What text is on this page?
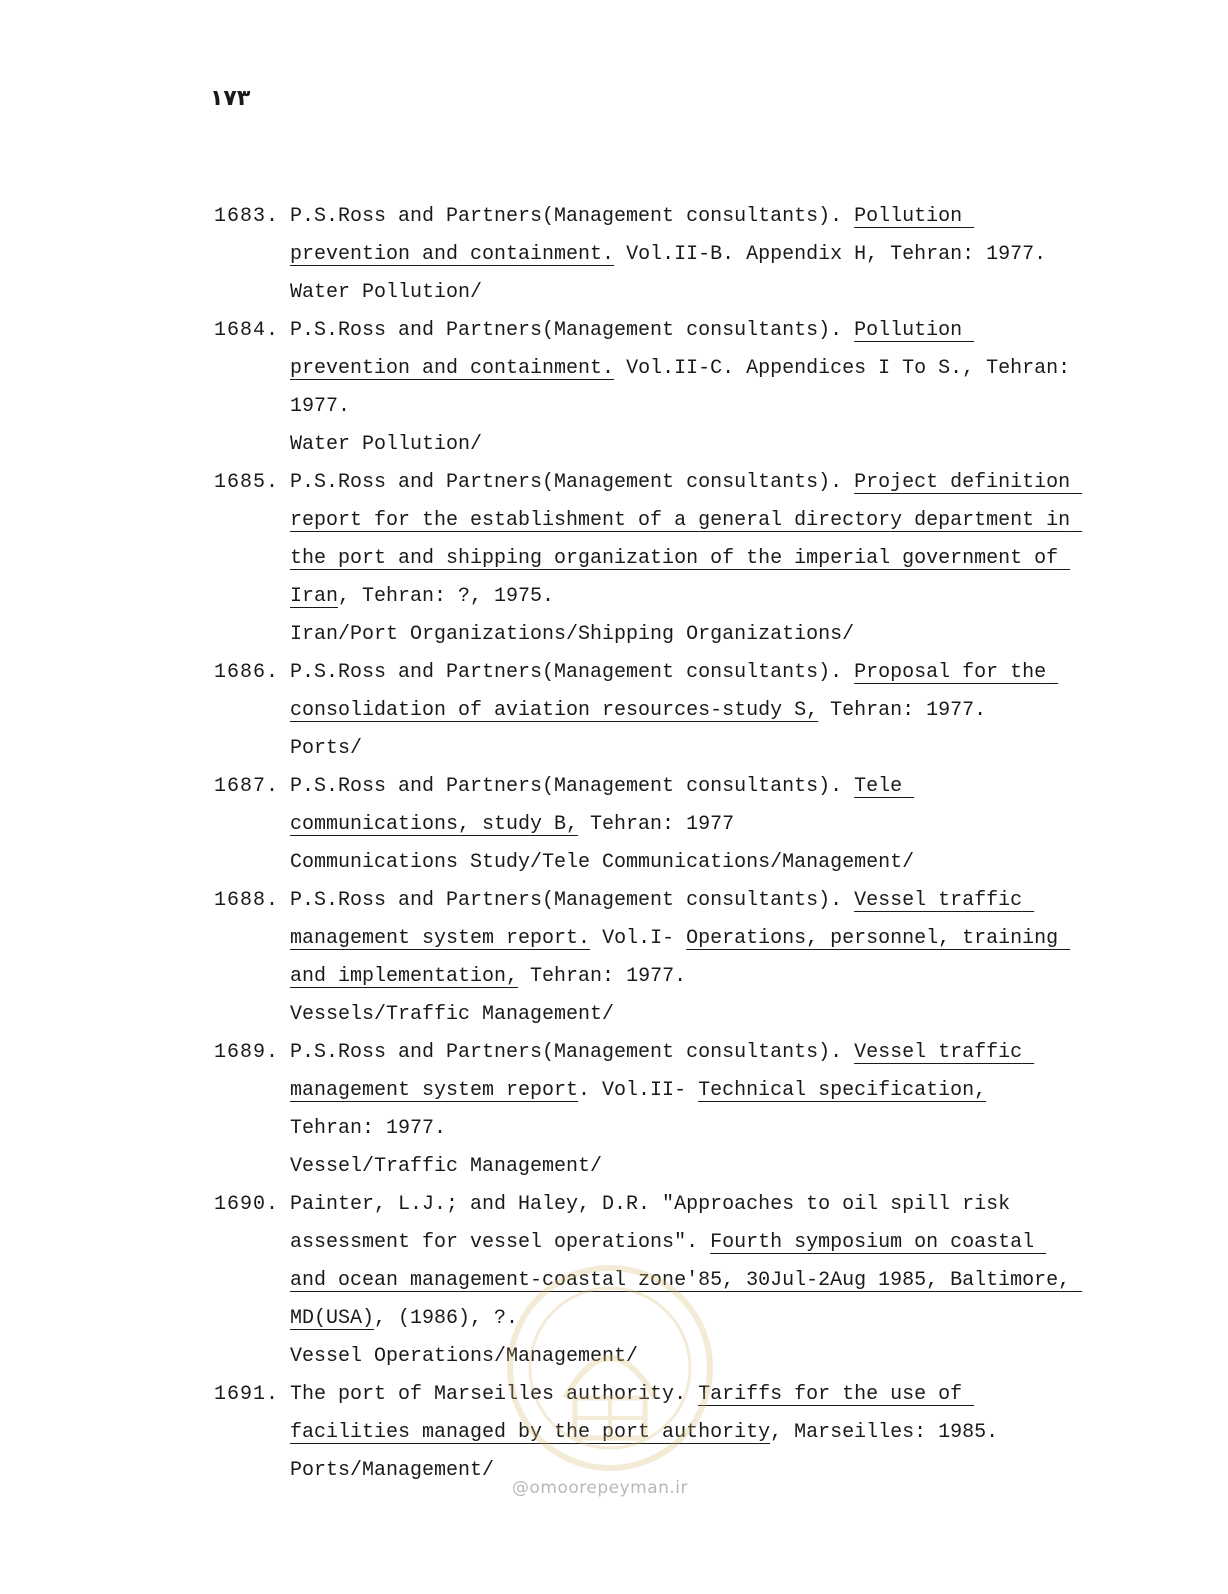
۱۷۳
1683. P.S.Ross and Partners(Management consultants). Pollution prevention and containment. Vol.II-B. Appendix H, Tehran: 1977.
Water Pollution/
1684. P.S.Ross and Partners(Management consultants). Pollution prevention and containment. Vol.II-C. Appendices I To S., Tehran: 1977.
Water Pollution/
1685. P.S.Ross and Partners(Management consultants). Project definition report for the establishment of a general directory department in the port and shipping organization of the imperial government of Iran, Tehran: ?, 1975.
Iran/Port Organizations/Shipping Organizations/
1686. P.S.Ross and Partners(Management consultants). Proposal for the consolidation of aviation resources-study S, Tehran: 1977.
Ports/
1687. P.S.Ross and Partners(Management consultants). Tele communications, study B, Tehran: 1977
Communications Study/Tele Communications/Management/
1688. P.S.Ross and Partners(Management consultants). Vessel traffic management system report. Vol.I- Operations, personnel, training and implementation, Tehran: 1977.
Vessels/Traffic Management/
1689. P.S.Ross and Partners(Management consultants). Vessel traffic management system report. Vol.II- Technical specification, Tehran: 1977.
Vessel/Traffic Management/
1690. Painter, L.J.; and Haley, D.R. "Approaches to oil spill risk assessment for vessel operations". Fourth symposium on coastal and ocean management-coastal zone'85, 30Jul-2Aug 1985, Baltimore, MD(USA), (1986), ?.
Vessel Operations/Management/
1691. The port of Marseilles authority. Tariffs for the use of facilities managed by the port authority, Marseilles: 1985.
Ports/Management/
@omoorepeyman.ir
